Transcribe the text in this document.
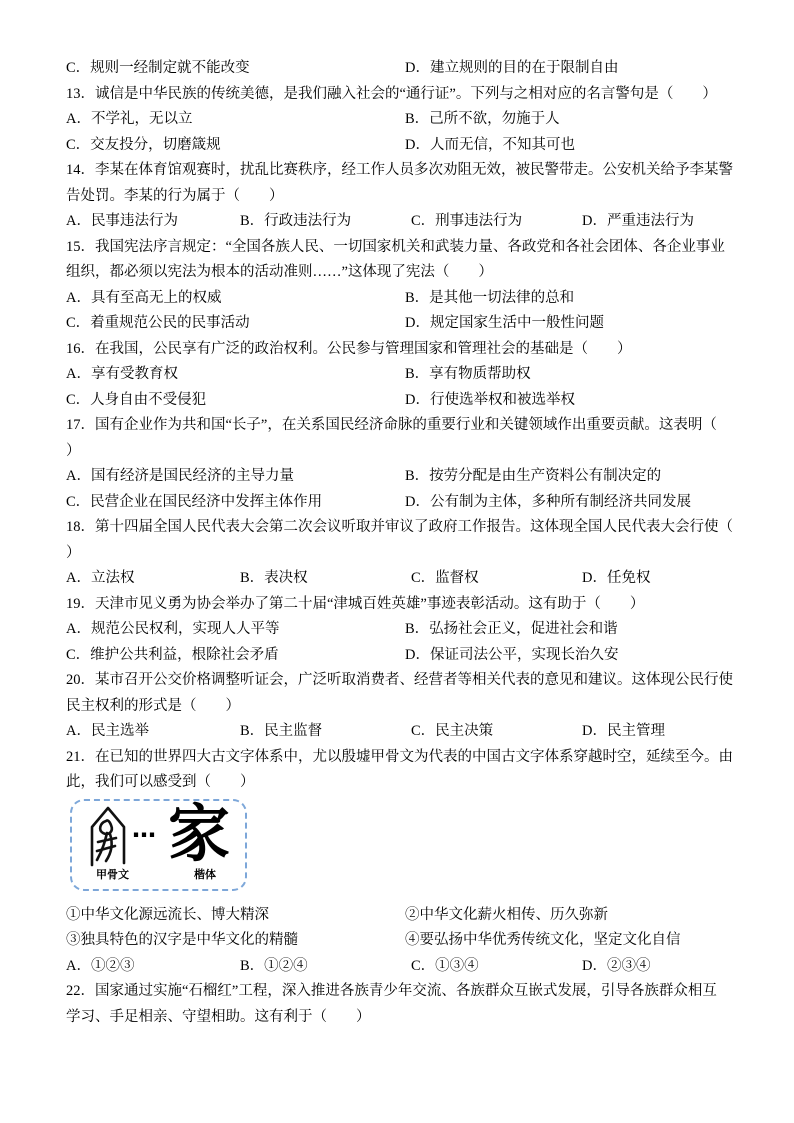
C．规则一经制定就不能改变	D．建立规则的目的在于限制自由
13．诚信是中华民族的传统美德，是我们融入社会的“通行证”。下列与之相对应的名言警句是（　　）
A．不学礼，无以立	B．己所不欲，勿施于人
C．交友投分，切磨箴规	D．人而无信，不知其可也
14．李某在体育馆观赛时，扰乱比赛秩序，经工作人员多次劝阻无效，被民警带走。公安机关给予李某警
告处罚。李某的行为属于（　　）
A．民事违法行为	B．行政违法行为	C．刑事违法行为	D．严重违法行为
15．我国宪法序言规定：“全国各族人民、一切国家机关和武装力量、各政党和各社会团体、各企业事业
组织，都必须以宪法为根本的活动准则……”这体现了宪法（　　）
A．具有至高无上的权威	B．是其他一切法律的总和
C．着重规范公民的民事活动	D．规定国家生活中一般性问题
16．在我国，公民享有广泛的政治权利。公民参与管理国家和管理社会的基础是（　　）
A．享有受教育权	B．享有物质帮助权
C．人身自由不受侵犯	D．行使选举权和被选举权
17．国有企业作为共和国“长子”，在关系国民经济命脉的重要行业和关键领域作出重要贡献。这表明（
）
A．国有经济是国民经济的主导力量	B．按劳分配是由生产资料公有制决定的
C．民营企业在国民经济中发挥主体作用	D．公有制为主体，多种所有制经济共同发展
18．第十四届全国人民代表大会第二次会议听取并审议了政府工作报告。这体现全国人民代表大会行使（
）
A．立法权	B．表决权	C．监督权	D．任免权
19．天津市见义勇为协会举办了第二十届“津城百姓英雄”事迹表彰活动。这有助于（　　）
A．规范公民权利，实现人人平等	B．弘扬社会正义，促进社会和谐
C．维护公共利益，根除社会矛盾	D．保证司法公平，实现长治久安
20．某市召开公交价格调整听证会，广泛听取消费者、经营者等相关代表的意见和建议。这体现公民行使
民主权利的形式是（　　）
A．民主选举	B．民主监督	C．民主决策	D．民主管理
21．在已知的世界四大古文字体系中，尤以殷墟甲骨文为代表的中国古文字体系穿越时空，延续至今。由
此，我们可以感受到（　　）
… 家
甲骨文	楷体
①中华文化源远流长、博大精深	②中华文化薪火相传、历久弥新
③独具特色的汉字是中华文化的精髓	④要弘扬中华优秀传统文化，坚定文化自信
A．①②③	B．①②④	C．①③④	D．②③④
22．国家通过实施“石榴红”工程，深入推进各族青少年交流、各族群众互嵌式发展，引导各族群众相互
学习、手足相亲、守望相助。这有利于（　　）
